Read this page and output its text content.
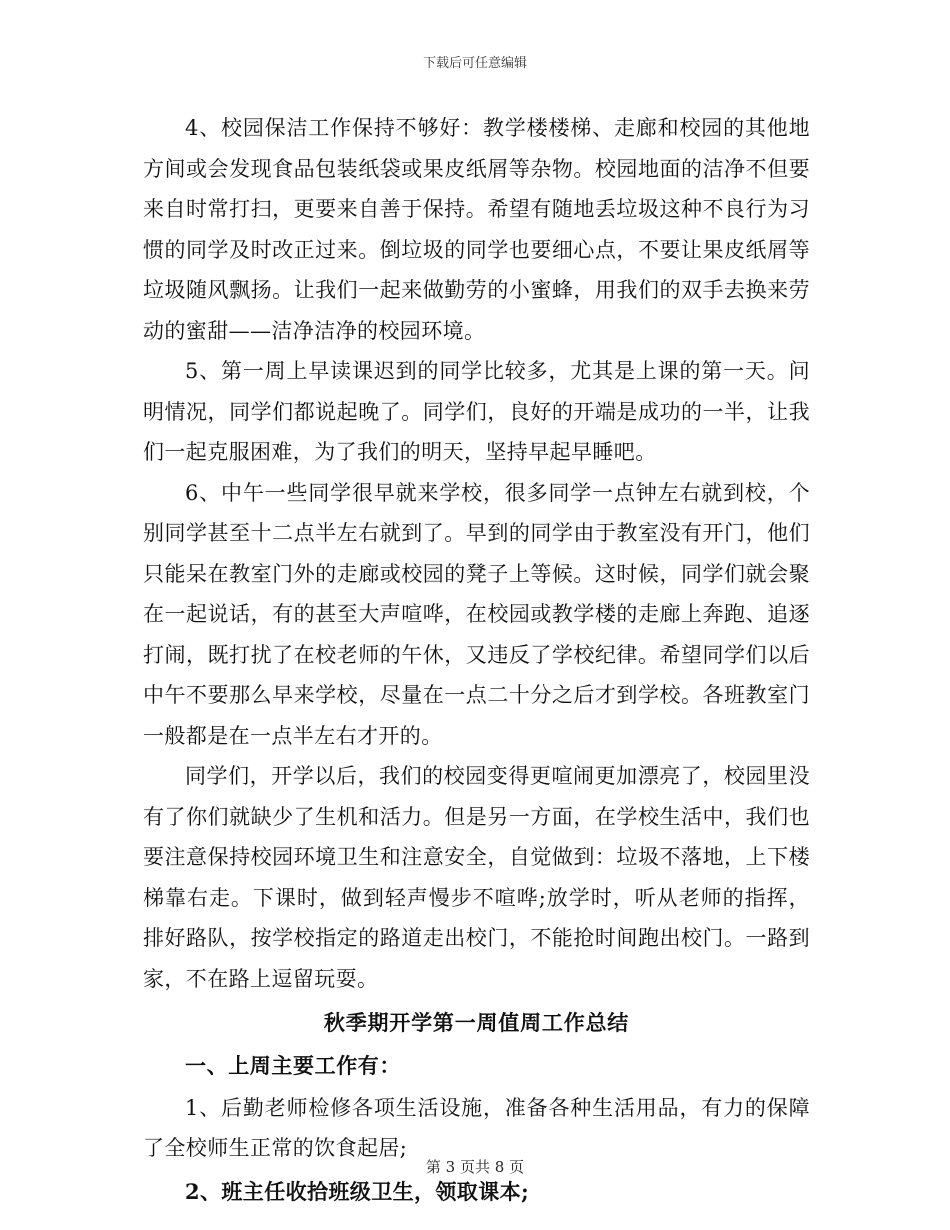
下载后可任意编辑

4、校园保洁工作保持不够好：教学楼楼梯、走廊和校园的其他地方间或会发现食品包装纸袋或果皮纸屑等杂物。校园地面的洁净不但要来自时常打扫，更要来自善于保持。希望有随地丢垃圾这种不良行为习惯的同学及时改正过来。倒垃圾的同学也要细心点，不要让果皮纸屑等垃圾随风飘扬。让我们一起来做勤劳的小蜜蜂，用我们的双手去换来劳动的蜜甜——洁净洁净的校园环境。

5、第一周上早读课迟到的同学比较多，尤其是上课的第一天。问明情况，同学们都说起晚了。同学们，良好的开端是成功的一半，让我们一起克服困难，为了我们的明天，坚持早起早睡吧。

6、中午一些同学很早就来学校，很多同学一点钟左右就到校，个别同学甚至十二点半左右就到了。早到的同学由于教室没有开门，他们只能呆在教室门外的走廊或校园的凳子上等候。这时候，同学们就会聚在一起说话，有的甚至大声喧哗，在校园或教学楼的走廊上奔跑、追逐打闹，既打扰了在校老师的午休，又违反了学校纪律。希望同学们以后中午不要那么早来学校，尽量在一点二十分之后才到学校。各班教室门一般都是在一点半左右才开的。

同学们，开学以后，我们的校园变得更喧闹更加漂亮了，校园里没有了你们就缺少了生机和活力。但是另一方面，在学校生活中，我们也要注意保持校园环境卫生和注意安全，自觉做到：垃圾不落地，上下楼梯靠右走。下课时，做到轻声慢步不喧哗;放学时，听从老师的指挥，排好路队，按学校指定的路道走出校门，不能抢时间跑出校门。一路到家，不在路上逗留玩耍。

秋季期开学第一周值周工作总结

一、上周主要工作有：

1、后勤老师检修各项生活设施，准备各种生活用品，有力的保障了全校师生正常的饮食起居;

2、班主任收拾班级卫生，领取课本;

第 3 页共 8 页
